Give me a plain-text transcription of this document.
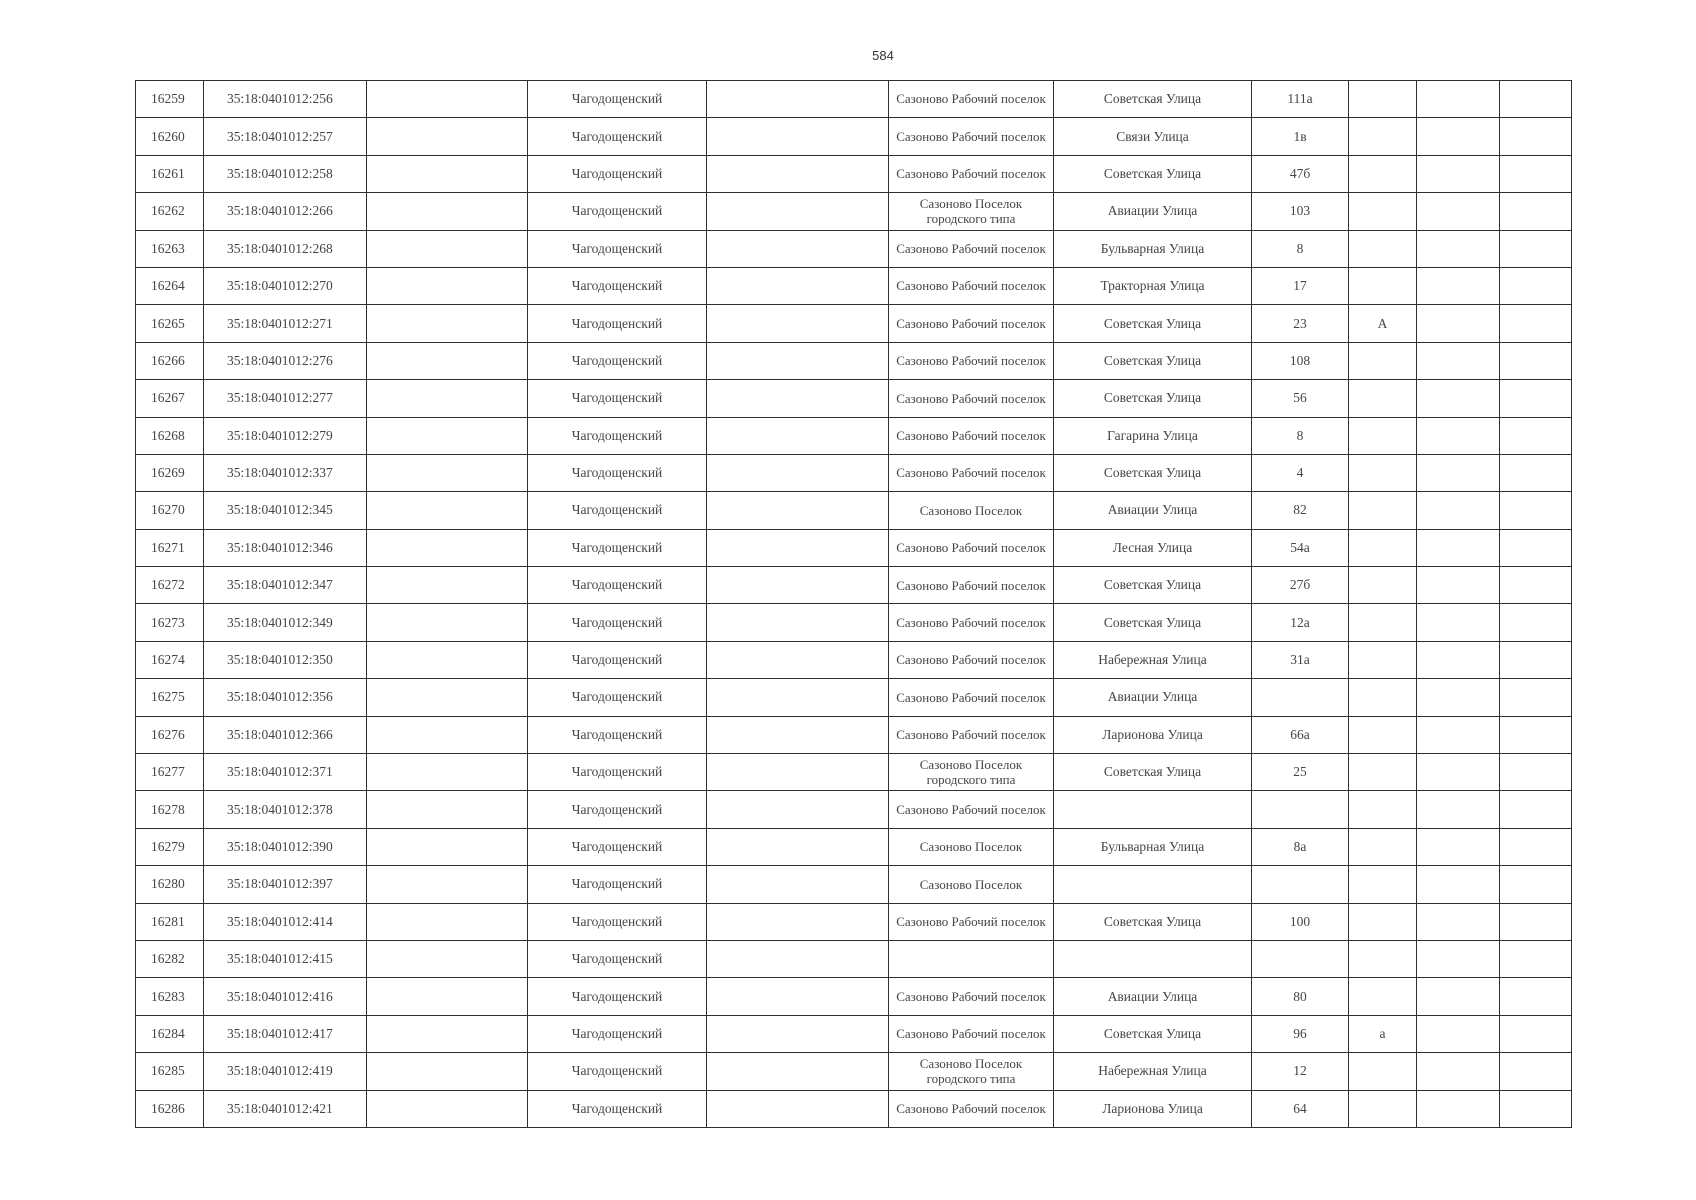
584
16259	35:18:0401012:256		Чагодощенский		Сазоново Рабочий поселок	Советская Улица	111а			
16260	35:18:0401012:257		Чагодощенский		Сазоново Рабочий поселок	Связи Улица	1в			
16261	35:18:0401012:258		Чагодощенский		Сазоново Рабочий поселок	Советская Улица	47б			
16262	35:18:0401012:266		Чагодощенский		Сазоново Поселок городского типа	Авиации Улица	103			
16263	35:18:0401012:268		Чагодощенский		Сазоново Рабочий поселок	Бульварная Улица	8			
16264	35:18:0401012:270		Чагодощенский		Сазоново Рабочий поселок	Тракторная Улица	17			
16265	35:18:0401012:271		Чагодощенский		Сазоново Рабочий поселок	Советская Улица	23	А		
16266	35:18:0401012:276		Чагодощенский		Сазоново Рабочий поселок	Советская Улица	108			
16267	35:18:0401012:277		Чагодощенский		Сазоново Рабочий поселок	Советская Улица	56			
16268	35:18:0401012:279		Чагодощенский		Сазоново Рабочий поселок	Гагарина Улица	8			
16269	35:18:0401012:337		Чагодощенский		Сазоново Рабочий поселок	Советская Улица	4			
16270	35:18:0401012:345		Чагодощенский		Сазоново Поселок	Авиации Улица	82			
16271	35:18:0401012:346		Чагодощенский		Сазоново Рабочий поселок	Лесная Улица	54а			
16272	35:18:0401012:347		Чагодощенский		Сазоново Рабочий поселок	Советская Улица	27б			
16273	35:18:0401012:349		Чагодощенский		Сазоново Рабочий поселок	Советская Улица	12а			
16274	35:18:0401012:350		Чагодощенский		Сазоново Рабочий поселок	Набережная Улица	31а			
16275	35:18:0401012:356		Чагодощенский		Сазоново Рабочий поселок	Авиации Улица				
16276	35:18:0401012:366		Чагодощенский		Сазоново Рабочий поселок	Ларионова Улица	66а			
16277	35:18:0401012:371		Чагодощенский		Сазоново Поселок городского типа	Советская Улица	25			
16278	35:18:0401012:378		Чагодощенский		Сазоново Рабочий поселок					
16279	35:18:0401012:390		Чагодощенский		Сазоново Поселок	Бульварная Улица	8а			
16280	35:18:0401012:397		Чагодощенский		Сазоново Поселок					
16281	35:18:0401012:414		Чагодощенский		Сазоново Рабочий поселок	Советская Улица	100			
16282	35:18:0401012:415		Чагодощенский							
16283	35:18:0401012:416		Чагодощенский		Сазоново Рабочий поселок	Авиации Улица	80			
16284	35:18:0401012:417		Чагодощенский		Сазоново Рабочий поселок	Советская Улица	96	а		
16285	35:18:0401012:419		Чагодощенский		Сазоново Поселок городского типа	Набережная Улица	12			
16286	35:18:0401012:421		Чагодощенский		Сазоново Рабочий поселок	Ларионова Улица	64			
